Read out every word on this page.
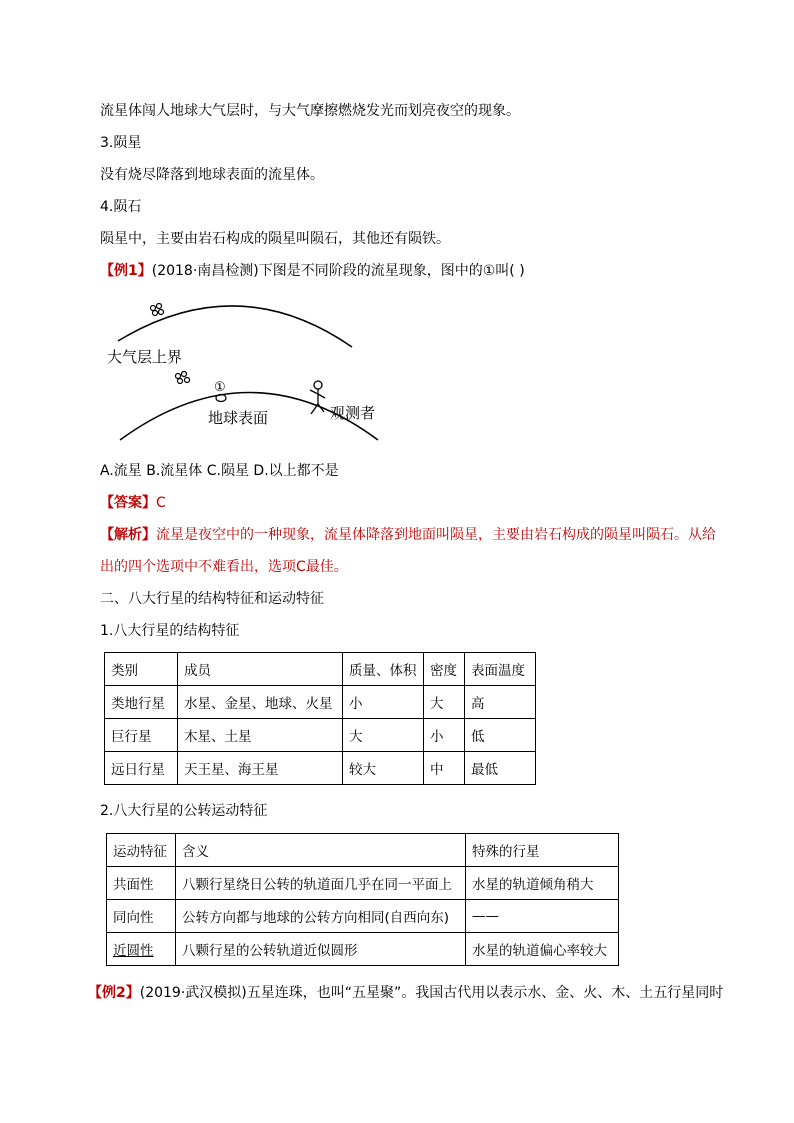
流星体闯人地球大气层时，与大气摩擦燃烧发光而划亮夜空的现象。
3.陨星
没有烧尽降落到地球表面的流星体。
4.陨石
陨星中，主要由岩石构成的陨星叫陨石，其他还有陨铁。
【例1】(2018·南昌检测)下图是不同阶段的流星现象，图中的①叫( )
①
大气层上界
地球表面	观测者
A.流星 B.流星体 C.陨星 D.以上都不是
【答案】C
【解析】流星是夜空中的一种现象，流星体降落到地面叫陨星，主要由岩石构成的陨星叫陨石。从给
出的四个选项中不难看出，选项C最佳。
二、八大行星的结构特征和运动特征
1.八大行星的结构特征
类别	成员	质量、体积	密度	表面温度
类地行星	水星、金星、地球、火星	小	大	高
巨行星	木星、土星	大	小	低
远日行星	天王星、海王星	较大	中	最低
2.八大行星的公转运动特征
运动特征	含义	特殊的行星
共面性	八颗行星绕日公转的轨道面几乎在同一平面上	水星的轨道倾角稍大
同向性	公转方向都与地球的公转方向相同(自西向东)	——
近圆性	八颗行星的公转轨道近似圆形	水星的轨道偏心率较大
【例2】(2019·武汉模拟)五星连珠，也叫“五星聚”。我国古代用以表示水、金、火、木、土五行星同时
